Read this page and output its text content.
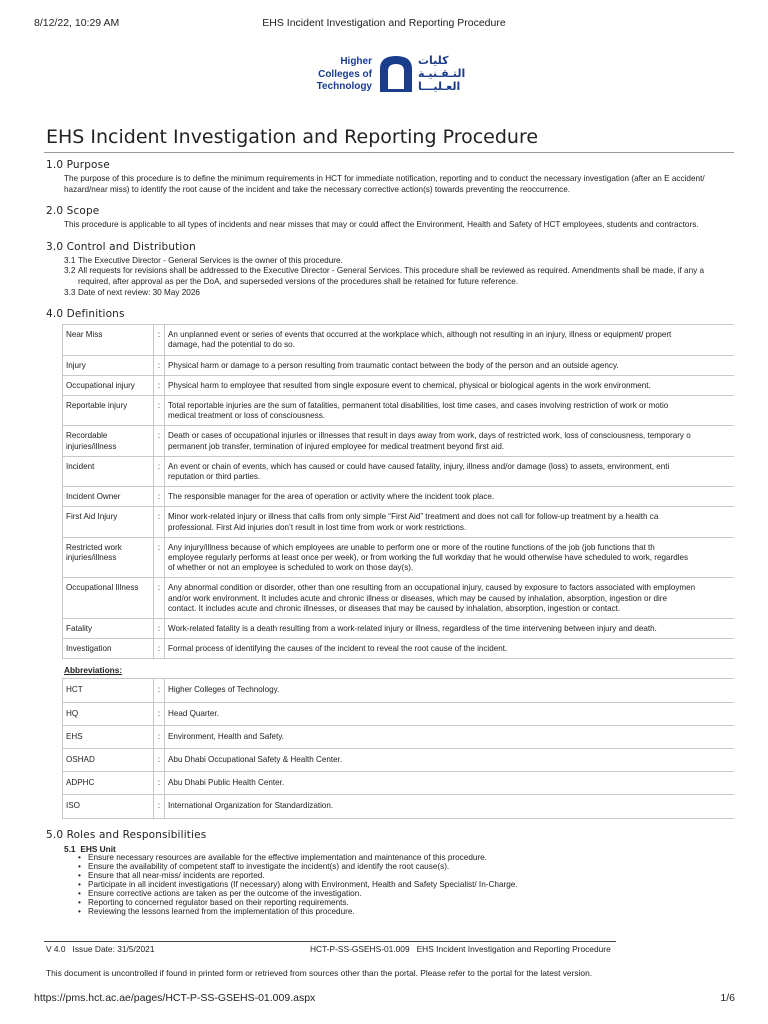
8/12/22, 10:29 AM	EHS Incident Investigation and Reporting Procedure
Higher
Colleges of
Technology
كليات
التـقـنيـة
العـليـــا
EHS Incident Investigation and Reporting Procedure
1.0 Purpose

The purpose of this procedure is to define the minimum requirements in HCT for immediate notification, reporting and to conduct the necessary investigation (after an E accident/ hazard/near miss) to identify the root cause of the incident and take the necessary corrective action(s) towards preventing the reoccurrence.

2.0 Scope

This procedure is applicable to all types of incidents and near misses that may or could affect the Environment, Health and Safety of HCT employees, students and contractors.

3.0 Control and Distribution
3.1 The Executive Director - General Services is the owner of this procedure.
3.2 All requests for revisions shall be addressed to the Executive Director - General Services. This procedure shall be reviewed as required. Amendments shall be made, if any a
required, after approval as per the DoA, and superseded versions of the procedures shall be retained for future reference.
3.3 Date of next review: 30 May 2026
4.0 Definitions
Near Miss	:	An unplanned event or series of events that occurred at the workplace which, although not resulting in an injury, illness or equipment/ propert
damage, had the potential to do so.

Injury	:	Physical harm or damage to a person resulting from traumatic contact between the body of the person and an outside agency.

Occupational injury	:	Physical harm to employee that resulted from single exposure event to chemical, physical or biological agents in the work environment.

Reportable injury	:	Total reportable injuries are the sum of fatalities, permanent total disabilities, lost time cases, and cases involving restriction of work or motio
medical treatment or loss of consciousness.

Recordable injuries/illness	:	Death or cases of occupational injuries or illnesses that result in days away from work, days of restricted work, loss of consciousness, temporary o
permanent job transfer, termination of injured employee for medical treatment beyond first aid.

Incident	:	An event or chain of events, which has caused or could have caused fatality, injury, illness and/or damage (loss) to assets, environment, enti
reputation or third parties.

Incident Owner	:	The responsible manager for the area of operation or activity where the incident took place.

First Aid Injury	:	Minor work-related injury or illness that calls from only simple “First Aid” treatment and does not call for follow-up treatment by a health ca
professional. First Aid injuries don’t result in lost time from work or work restrictions.

Restricted work injuries/illness	:	Any injury/illness because of which employees are unable to perform one or more of the routine functions of the job (job functions that th
employee regularly performs at least once per week), or from working the full workday that he would otherwise have scheduled to work, regardles
of whether or not an employee is scheduled to work on those day(s).

Occupational Illness	:	Any abnormal condition or disorder, other than one resulting from an occupational injury, caused by exposure to factors associated with employmen
and/or work environment. It includes acute and chronic illness or diseases, which may be caused by inhalation, absorption, ingestion or dire
contact. It includes acute and chronic illnesses, or diseases that may be caused by inhalation, absorption, ingestion or contact.

Fatality	:	Work-related fatality is a death resulting from a work-related injury or illness, regardless of the time intervening between injury and death.

Investigation	:	Formal process of identifying the causes of the incident to reveal the root cause of the incident.
Abbreviations:
HCT	:	Higher Colleges of Technology.
HQ	:	Head Quarter.
EHS	:	Environment, Health and Safety.
OSHAD	:	Abu Dhabi Occupational Safety & Health Center.
ADPHC	:	Abu Dhabi Public Health Center.
ISO	:	International Organization for Standardization.
5.0 Roles and Responsibilities
5.1 EHS Unit
• Ensure necessary resources are available for the effective implementation and maintenance of this procedure.
• Ensure the availability of competent staff to investigate the incident(s) and identify the root cause(s).
• Ensure that all near-miss/ incidents are reported.
• Participate in all incident investigations (If necessary) along with Environment, Health and Safety Specialist/ In-Charge.
• Ensure corrective actions are taken as per the outcome of the investigation.
• Reporting to concerned regulator based on their reporting requirements.
• Reviewing the lessons learned from the implementation of this procedure.
V 4.0 Issue Date: 31/5/2021	HCT-P-SS-GSEHS-01.009 EHS Incident Investigation and Reporting Procedure
This document is uncontrolled if found in printed form or retrieved from sources other than the portal. Please refer to the portal for the latest version.
https://pms.hct.ac.ae/pages/HCT-P-SS-GSEHS-01.009.aspx	1/6
